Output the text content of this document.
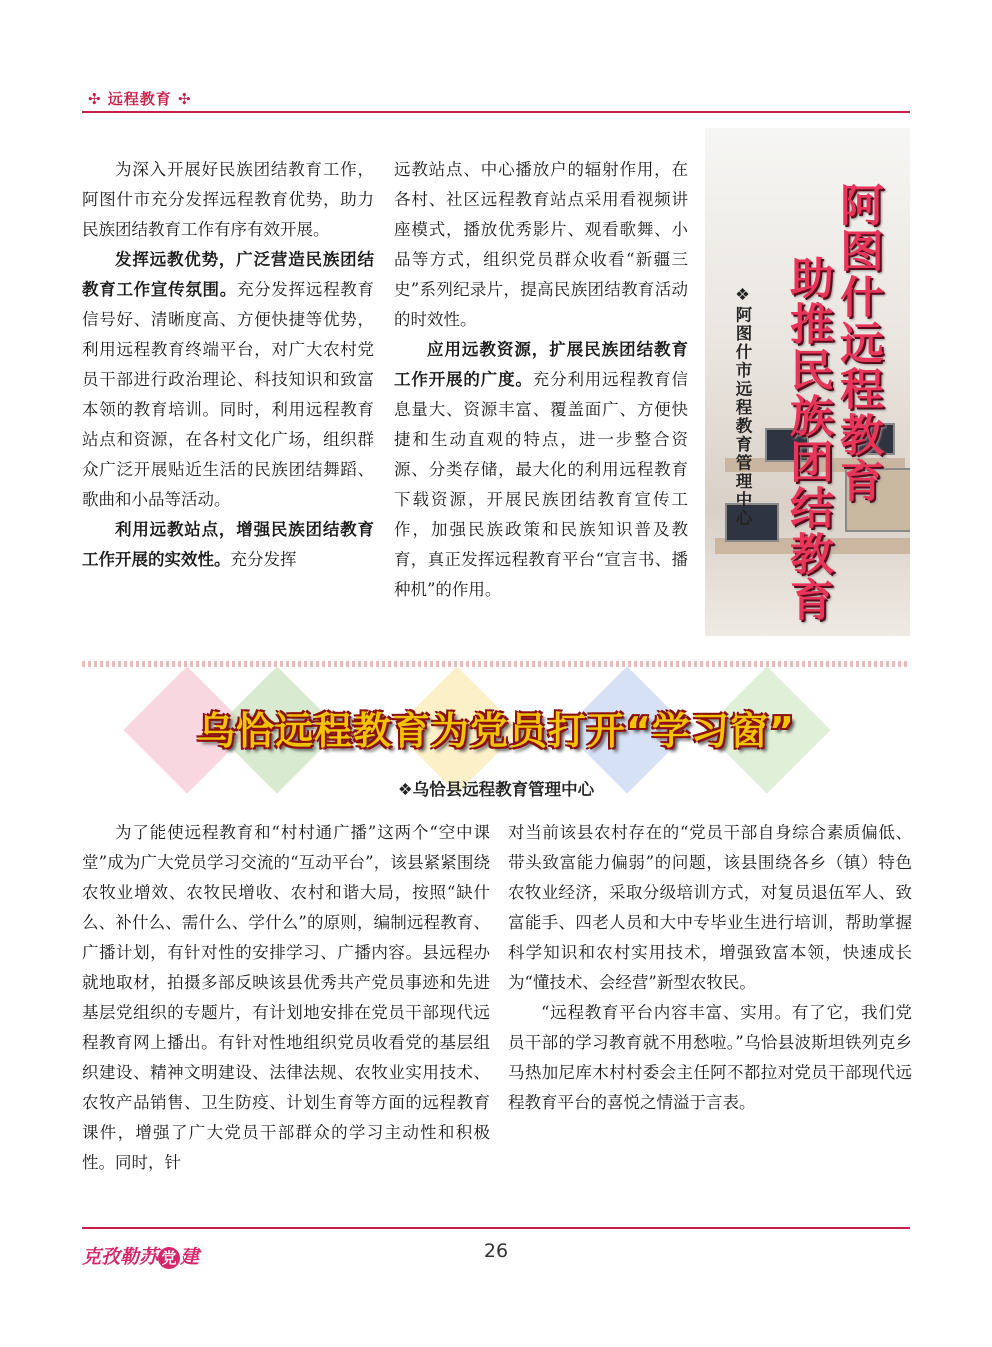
✣ 远程教育 ✣

为深入开展好民族团结教育工作，阿图什市充分发挥远程教育优势，助力民族团结教育工作有序有效开展。

发挥远教优势，广泛营造民族团结教育工作宣传氛围。充分发挥远程教育信号好、清晰度高、方便快捷等优势，利用远程教育终端平台，对广大农村党员干部进行政治理论、科技知识和致富本领的教育培训。同时，利用远程教育站点和资源，在各村文化广场，组织群众广泛开展贴近生活的民族团结舞蹈、歌曲和小品等活动。

利用远教站点，增强民族团结教育工作开展的实效性。充分发挥

远教站点、中心播放户的辐射作用，在各村、社区远程教育站点采用看视频讲座模式，播放优秀影片、观看歌舞、小品等方式，组织党员群众收看“新疆三史”系列纪录片，提高民族团结教育活动的时效性。

应用远教资源，扩展民族团结教育工作开展的广度。充分利用远程教育信息量大、资源丰富、覆盖面广、方便快捷和生动直观的特点，进一步整合资源、分类存储，最大化的利用远程教育下载资源，开展民族团结教育宣传工作，加强民族政策和民族知识普及教育，真正发挥远程教育平台“宣言书、播种机”的作用。

阿图什远程教育
助推民族团结教育
❖阿图什市远程教育管理中心
乌恰远程教育为党员打开“学习窗”
❖乌恰县远程教育管理中心

为了能使远程教育和“村村通广播”这两个“空中课堂”成为广大党员学习交流的“互动平台”，该县紧紧围绕农牧业增效、农牧民增收、农村和谐大局，按照“缺什么、补什么、需什么、学什么”的原则，编制远程教育、广播计划，有针对性的安排学习、广播内容。县远程办就地取材，拍摄多部反映该县优秀共产党员事迹和先进基层党组织的专题片，有计划地安排在党员干部现代远程教育网上播出。有针对性地组织党员收看党的基层组织建设、精神文明建设、法律法规、农牧业实用技术、农牧产品销售、卫生防疫、计划生育等方面的远程教育课件，增强了广大党员干部群众的学习主动性和积极性。同时，针

对当前该县农村存在的“党员干部自身综合素质偏低、带头致富能力偏弱”的问题，该县围绕各乡（镇）特色农牧业经济，采取分级培训方式，对复员退伍军人、致富能手、四老人员和大中专毕业生进行培训，帮助掌握科学知识和农村实用技术，增强致富本领，快速成长为“懂技术、会经营”新型农牧民。

“远程教育平台内容丰富、实用。有了它，我们党员干部的学习教育就不用愁啦。”乌恰县波斯坦铁列克乡马热加尼库木村村委会主任阿不都拉对党员干部现代远程教育平台的喜悦之情溢于言表。

克孜勒苏 党 建	26
